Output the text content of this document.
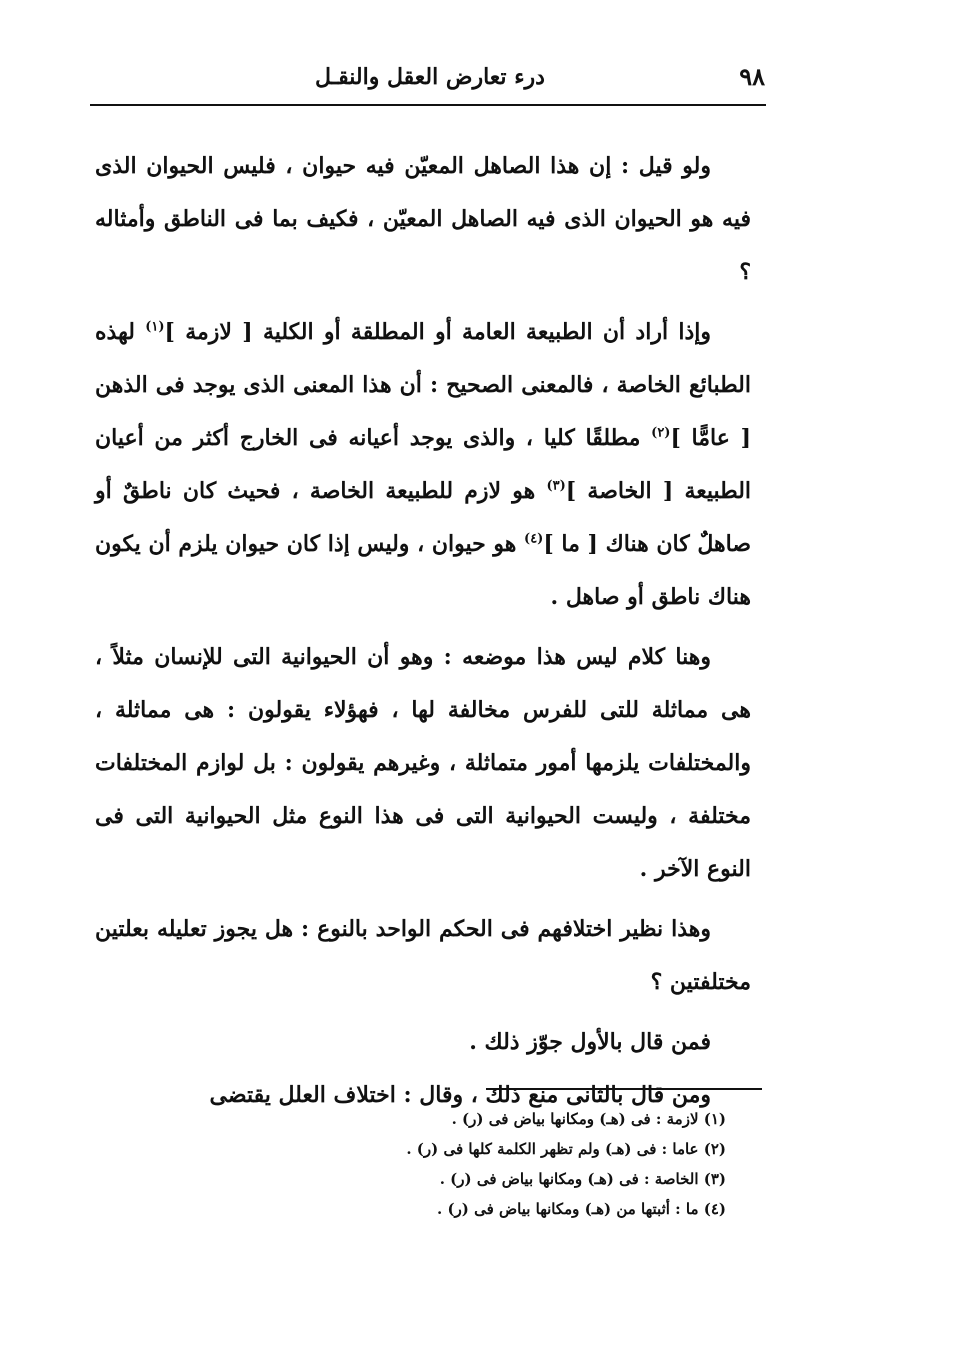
٩٨
درء تعارض العقل والنقـل

ولو قيل : إن هذا الصاهل المعيّن فيه حيوان ، فليس الحيوان الذى فيه هو الحيوان الذى فيه الصاهل المعيّن ، فكيف بما فى الناطق وأمثاله ؟

وإذا أراد أن الطبيعة العامة أو المطلقة أو الكلية [ لازمة ]$^{(١)}$ لهذه الطبائع الخاصة ، فالمعنى الصحيح : أن هذا المعنى الذى يوجد فى الذهن [ عامًّا ]$^{(٢)}$ مطلقًا كليا ، والذى يوجد أعيانه فى الخارج أكثر من أعيان الطبيعة [ الخاصة ]$^{(٣)}$ هو لازم للطبيعة الخاصة ، فحيث كان ناطقٌ أو صاهلٌ كان هناك [ ما ]$^{(٤)}$ هو حيوان ، وليس إذا كان حيوان يلزم أن يكون هناك ناطق أو صاهل .

وهنا كلام ليس هذا موضعه : وهو أن الحيوانية التى للإنسان مثلاً ، هى مماثلة للتى للفرس مخالفة لها ، فهؤلاء يقولون : هى مماثلة ، والمختلفات يلزمها أمور متماثلة ، وغيرهم يقولون : بل لوازم المختلفات مختلفة ، وليست الحيوانية التى فى هذا النوع مثل الحيوانية التى فى النوع الآخر .

وهذا نظير اختلافهم فى الحكم الواحد بالنوع : هل يجوز تعليله بعلتين مختلفتين ؟

فمن قال بالأول جوّز ذلك .

ومن قال بالثانى منع ذلك ، وقال : اختلاف العلل يقتضى

(١) لازمة : فى (هـ) ومكانها بياض فى (ر) .

(٢) عاما : فى (هـ) ولم تظهر الكلمة كلها فى (ر) .

(٣) الخاصة : فى (هـ) ومكانها بياض فى (ر) .

(٤) ما : أثبتها من (هـ) ومكانها بياض فى (ر) .
